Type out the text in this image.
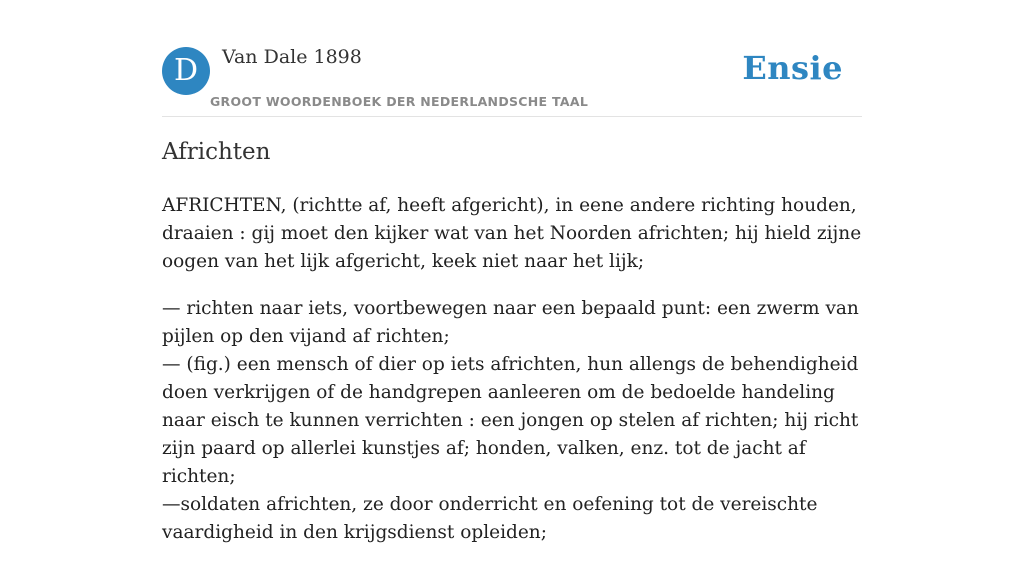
D	Van Dale 1898
GROOT WOORDENBOEK DER NEDERLANDSCHE TAAL
Ensie
Africhten

AFRICHTEN, (richtte af, heeft afgericht), in eene andere richting houden, draaien : gij moet den kijker wat van het Noorden africhten; hij hield zijne oogen van het lijk afgericht, keek niet naar het lijk;

— richten naar iets, voortbewegen naar een bepaald punt: een zwerm van pijlen op den vijand af richten;
— (fig.) een mensch of dier op iets africhten, hun allengs de behendigheid doen verkrijgen of de handgrepen aanleeren om de bedoelde handeling naar eisch te kunnen verrichten : een jongen op stelen af richten; hij richt zijn paard op allerlei kunstjes af; honden, valken, enz. tot de jacht af richten;
—soldaten africhten, ze door onderricht en oefening tot de vereischte vaardigheid in den krijgsdienst opleiden;
